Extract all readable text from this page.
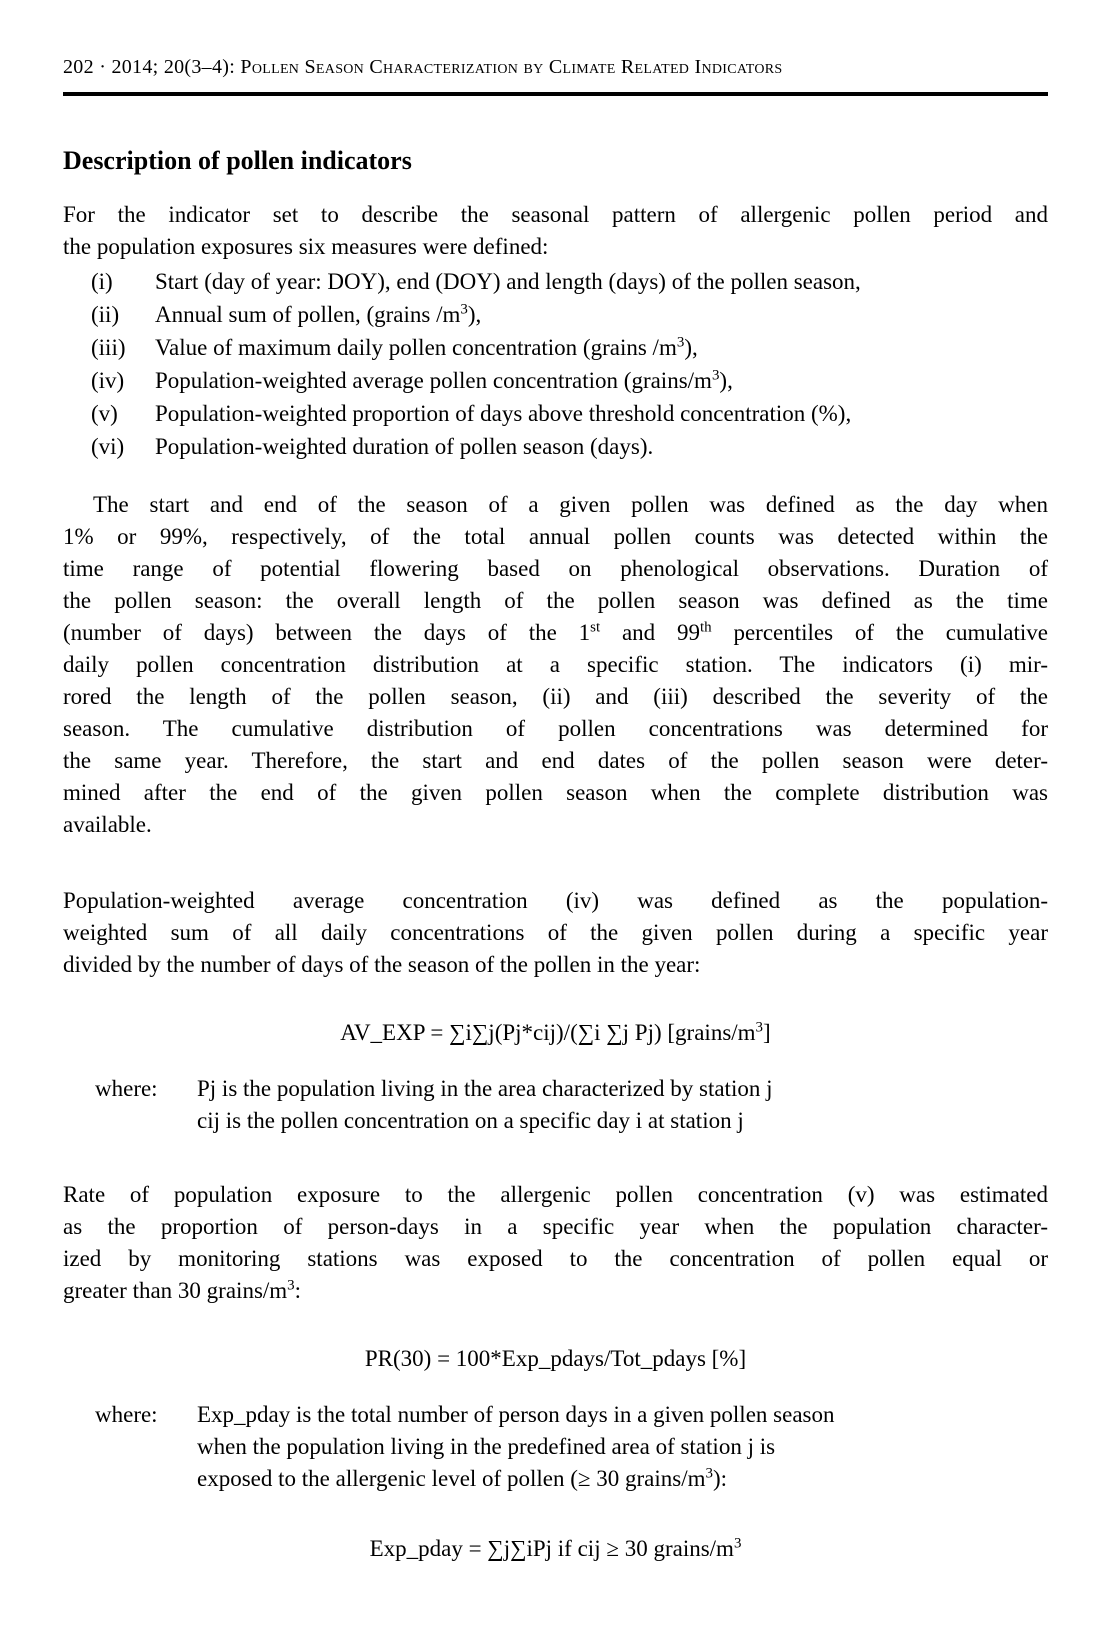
202 · 2014; 20(3–4): Pollen Season Characterization by Climate Related Indicators
Description of pollen indicators
For the indicator set to describe the seasonal pattern of allergenic pollen period and
the population exposures six measures were defined:
(i)	Start (day of year: DOY), end (DOY) and length (days) of the pollen season,
(ii)	Annual sum of pollen, (grains $/m^3$),
(iii)	Value of maximum daily pollen concentration (grains $/m^3$),
(iv)	Population-weighted average pollen concentration $(grains/m^3)$,
(v)	Population-weighted proportion of days above threshold concentration (%),
(vi)	Population-weighted duration of pollen season (days).
The start and end of the season of a given pollen was defined as the day when
1% or 99%, respectively, of the total annual pollen counts was detected within the
time range of potential flowering based on phenological observations. Duration of
the pollen season: the overall length of the pollen season was defined as the time
(number of days) between the days of the 1st and 99th percentiles of the cumulative
daily pollen concentration distribution at a specific station. The indicators (i) mir-
rored the length of the pollen season, (ii) and (iii) described the severity of the
season. The cumulative distribution of pollen concentrations was determined for
the same year. Therefore, the start and end dates of the pollen season were deter-
mined after the end of the given pollen season when the complete distribution was
available.
Population-weighted average concentration (iv) was defined as the population-
weighted sum of all daily concentrations of the given pollen during a specific year
divided by the number of days of the season of the pollen in the year:
AV_EXP = ∑i∑j(Pj*cij)/(∑i ∑j Pj) $[grains/m^3]$
where:	Pj is the population living in the area characterized by station j
cij is the pollen concentration on a specific day i at station j
Rate of population exposure to the allergenic pollen concentration (v) was estimated
as the proportion of person-days in a specific year when the population character-
ized by monitoring stations was exposed to the concentration of pollen equal or
greater than 30 grains/$m^3$:
PR(30) = 100*Exp_pdays/Tot_pdays [%]
where:	Exp_pday is the total number of person days in a given pollen season
when the population living in the predefined area of station j is
exposed to the allergenic level of pollen (≥ 30 grains/$m^3$):
Exp_pday = ∑j∑iPj if cij ≥ 30 grains/$m^3$
